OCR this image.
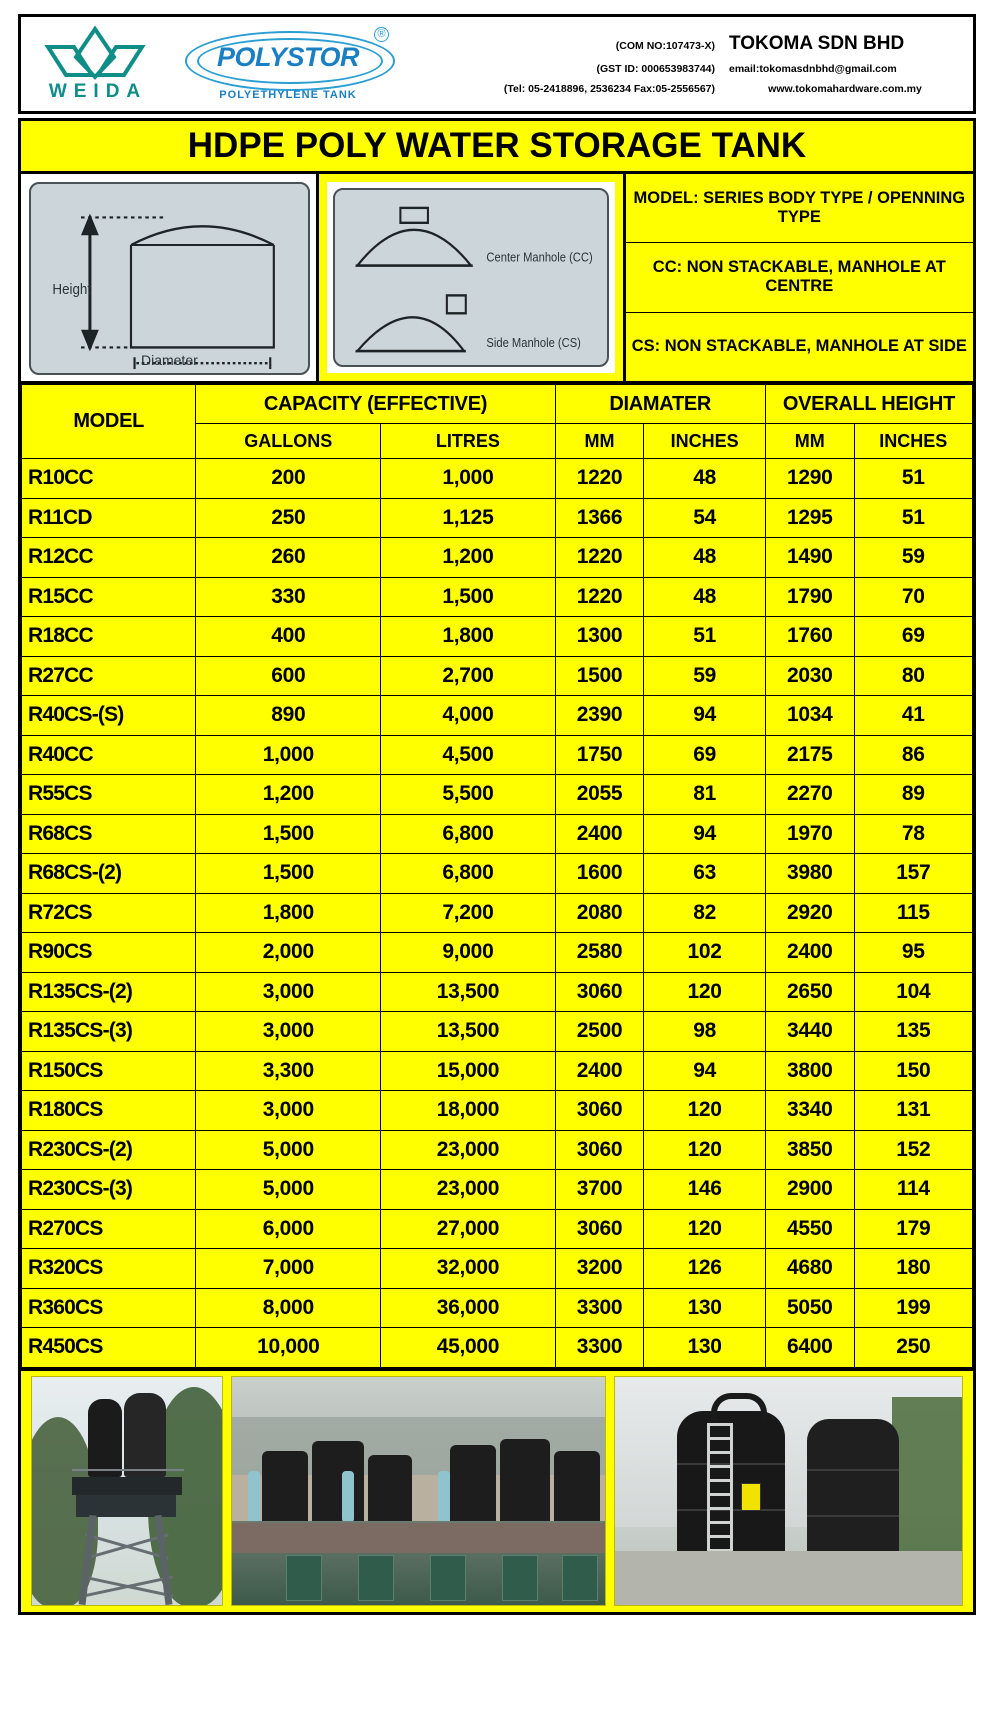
WEIDA
POLYSTOR
®
POLYETHYLENE TANK
(COM NO:107473-X) TOKOMA SDN BHD
(GST ID: 000653983744) email:tokomasdnbhd@gmail.com
(Tel: 05-2418896, 2536234 Fax:05-2556567)	www.tokomahardware.com.my
HDPE POLY WATER STORAGE TANK
Height
Diameter
Center Manhole (CC)
Side Manhole (CS)
MODEL: SERIES BODY TYPE / OPENNING TYPE
CC: NON STACKABLE, MANHOLE AT CENTRE
CS: NON STACKABLE, MANHOLE AT SIDE
MODEL	CAPACITY (EFFECTIVE)		DIAMATER		OVERALL HEIGHT	
	GALLONS	LITRES	MM	INCHES	MM	INCHES
R10CC	200	1,000	1220	48	1290	51
R11CD	250	1,125	1366	54	1295	51
R12CC	260	1,200	1220	48	1490	59
R15CC	330	1,500	1220	48	1790	70
R18CC	400	1,800	1300	51	1760	69
R27CC	600	2,700	1500	59	2030	80
R40CS-(S)	890	4,000	2390	94	1034	41
R40CC	1,000	4,500	1750	69	2175	86
R55CS	1,200	5,500	2055	81	2270	89
R68CS	1,500	6,800	2400	94	1970	78
R68CS-(2)	1,500	6,800	1600	63	3980	157
R72CS	1,800	7,200	2080	82	2920	115
R90CS	2,000	9,000	2580	102	2400	95
R135CS-(2)	3,000	13,500	3060	120	2650	104
R135CS-(3)	3,000	13,500	2500	98	3440	135
R150CS	3,300	15,000	2400	94	3800	150
R180CS	3,000	18,000	3060	120	3340	131
R230CS-(2)	5,000	23,000	3060	120	3850	152
R230CS-(3)	5,000	23,000	3700	146	2900	114
R270CS	6,000	27,000	3060	120	4550	179
R320CS	7,000	32,000	3200	126	4680	180
R360CS	8,000	36,000	3300	130	5050	199
R450CS	10,000	45,000	3300	130	6400	250
